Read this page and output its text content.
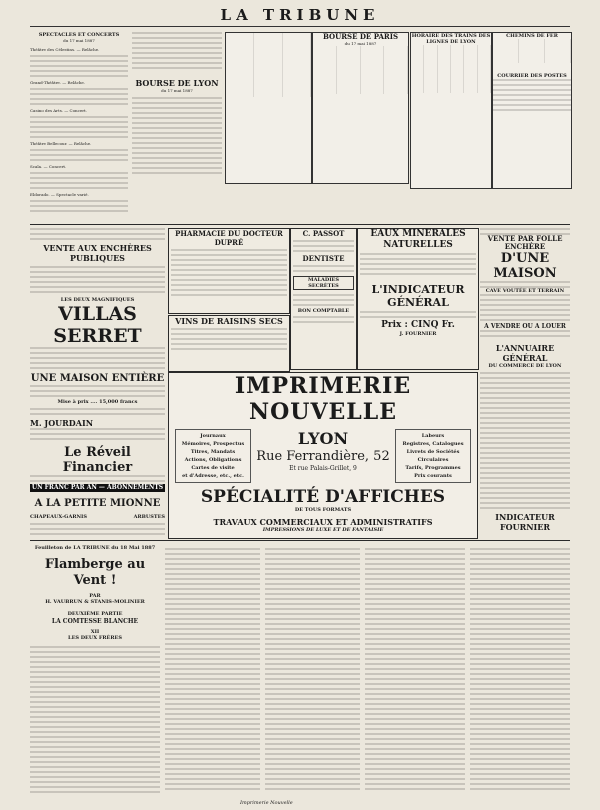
LA TRIBUNE
SPECTACLES ET CONCERTS
du 17 mai 1887
Théâtre des Célestins. — Relâche.
Grand-Théâtre. — Relâche.
Casino des Arts. — Concert.
Théâtre Bellecour. — Relâche.
Scala. — Concert.
Eldorado. — Spectacle varié.
BOURSE DE LYON
du 17 mai 1887
BOURSE DE PARIS
du 17 mai 1887
HORAIRE DES TRAINS DES LIGNES DE LYON
CHEMINS DE FER
COURRIER DES POSTES
VENTE AUX ENCHÈRES PUBLIQUES
LES DEUX MAGNIFIQUES
VILLAS SERRET
UNE MAISON ENTIÈRE
Mise à prix .... 15,000 francs
M. JOURDAIN
Le Réveil Financier
UN FRANC PAR AN — ABONNEMENTS
A LA PETITE MIONNE
CHAPEAUX-GARNIS	ARBUSTES
PHARMACIE DU DOCTEUR DUPRÉ
VINS DE RAISINS SECS
C. PASSOT
DENTISTE
MALADIES SECRÈTES
BON COMPTABLE
EAUX MINÉRALES NATURELLES
L'INDICATEUR GÉNÉRAL
Prix : CINQ Fr.
J. FOURNIER
VENTE PAR FOLLE ENCHÈRE
D'UNE MAISON
CAVE VOUTÉE ET TERRAIN
A VENDRE OU A LOUER
L'ANNUAIRE GÉNÉRAL
DU COMMERCE DE LYON
INDICATEUR FOURNIER
IMPRIMERIE NOUVELLE
Journaux
Mémoires, Prospectus
Titres, Mandats
Actions, Obligations
Cartes de visite
et d'Adresse, etc., etc.
LYON
Rue Ferrandière, 52
Et rue Palais-Grillet, 9
Labeurs
Registres, Catalogues
Livrets de Sociétés
Circulaires
Tarifs, Programmes
Prix courants
SPÉCIALITÉ D'AFFICHES
DE TOUS FORMATS
TRAVAUX COMMERCIAUX ET ADMINISTRATIFS
IMPRESSIONS DE LUXE ET DE FANTAISIE
Feuilleton de LA TRIBUNE du 18 Mai 1887
Flamberge au Vent !
PAR
H. VAUBRUN & STANIS-MOLINIER
DEUXIÈME PARTIE
LA COMTESSE BLANCHE
XII
LES DEUX FRÈRES
Imprimerie Nouvelle
